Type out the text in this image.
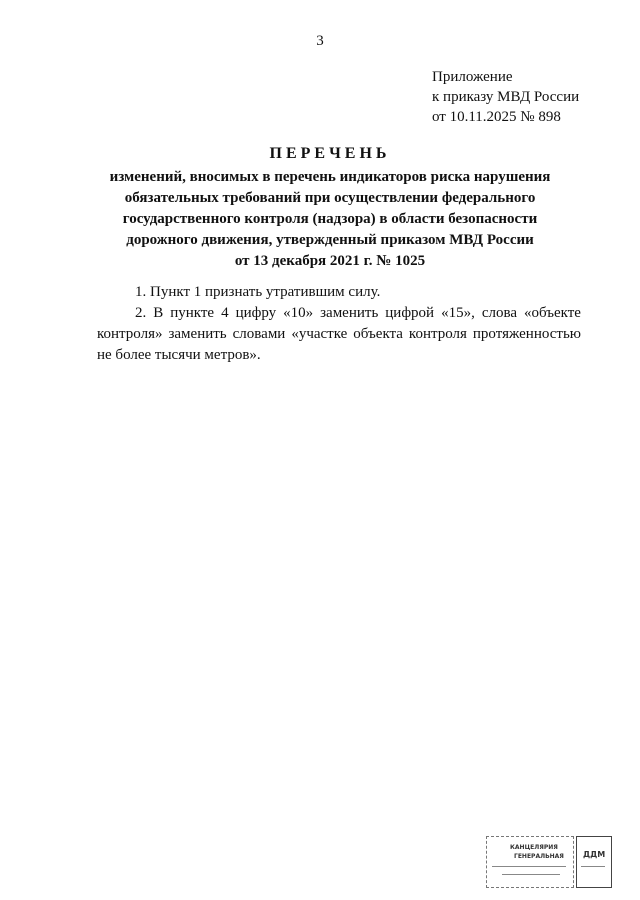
3
Приложение
к приказу МВД России
от 10.11.2025 № 898
ПЕРЕЧЕНЬ
изменений, вносимых в перечень индикаторов риска нарушения
обязательных требований при осуществлении федерального
государственного контроля (надзора) в области безопасности
дорожного движения, утвержденный приказом МВД России
от 13 декабря 2021 г. № 1025

1. Пункт 1 признать утратившим силу.

2. В пункте 4 цифру «10» заменить цифрой «15», слова «объекте

контроля» заменить словами «участке объекта контроля протяженностью не более тысячи метров».

КАНЦЕЛЯРИЯ
ГЕНЕРАЛЬНАЯ ДДМ
